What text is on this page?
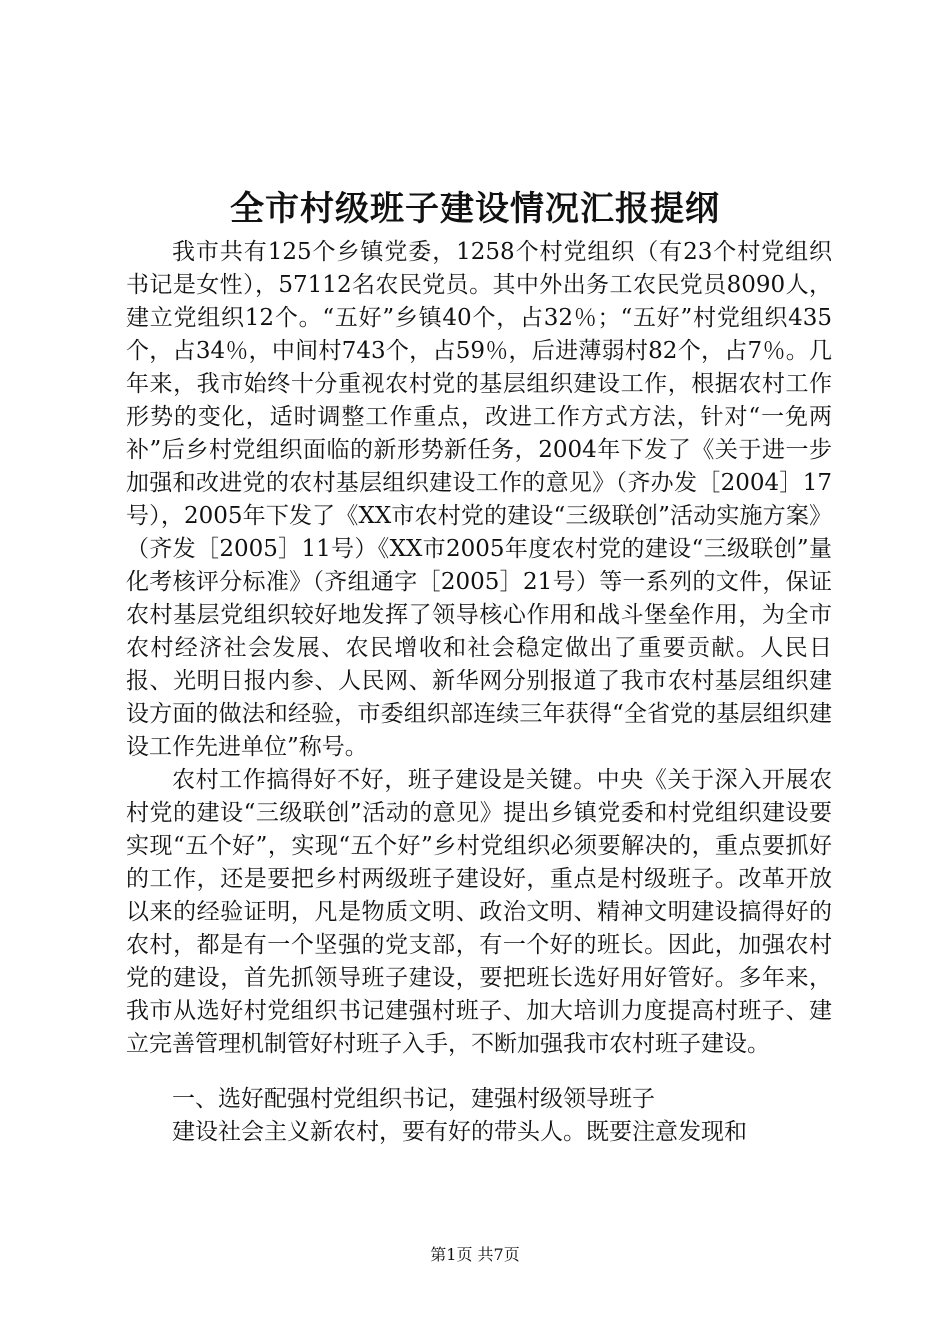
全市村级班子建设情况汇报提纲

我市共有125个乡镇党委，1258个村党组织（有23个村党组织书记是女性），57112名农民党员。其中外出务工农民党员8090人，建立党组织12个。“五好”乡镇40个，占32％；“五好”村党组织435个，占34％，中间村743个，占59％，后进薄弱村82个，占7％。几年来，我市始终十分重视农村党的基层组织建设工作，根据农村工作形势的变化，适时调整工作重点，改进工作方式方法，针对“一免两补”后乡村党组织面临的新形势新任务，2004年下发了《关于进一步加强和改进党的农村基层组织建设工作的意见》（齐办发［2004］17号），2005年下发了《XX市农村党的建设“三级联创”活动实施方案》（齐发［2005］11号）《XX市2005年度农村党的建设“三级联创”量化考核评分标准》（齐组通字［2005］21号）等一系列的文件，保证农村基层党组织较好地发挥了领导核心作用和战斗堡垒作用，为全市农村经济社会发展、农民增收和社会稳定做出了重要贡献。人民日报、光明日报内参、人民网、新华网分别报道了我市农村基层组织建设方面的做法和经验，市委组织部连续三年获得“全省党的基层组织建设工作先进单位”称号。

农村工作搞得好不好，班子建设是关键。中央《关于深入开展农村党的建设“三级联创”活动的意见》提出乡镇党委和村党组织建设要实现“五个好”，实现“五个好”乡村党组织必须要解决的，重点要抓好的工作，还是要把乡村两级班子建设好，重点是村级班子。改革开放以来的经验证明，凡是物质文明、政治文明、精神文明建设搞得好的农村，都是有一个坚强的党支部，有一个好的班长。因此，加强农村党的建设，首先抓领导班子建设，要把班长选好用好管好。多年来，我市从选好村党组织书记建强村班子、加大培训力度提高村班子、建立完善管理机制管好村班子入手，不断加强我市农村班子建设。

一、选好配强村党组织书记，建强村级领导班子

建设社会主义新农村，要有好的带头人。既要注意发现和

第1页 共7页
